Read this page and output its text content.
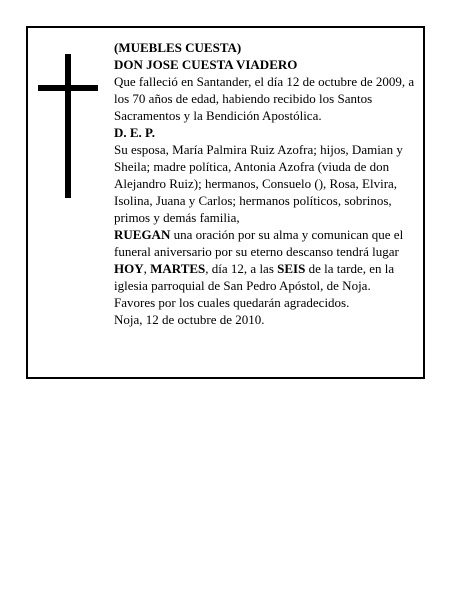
(MUEBLES CUESTA)

DON JOSE CUESTA VIADERO

Que falleció en Santander, el día 12 de octubre de 2009, a los 70 años de edad, habiendo recibido los Santos Sacramentos y la Bendición Apostólica.

D. E. P.

Su esposa, María Palmira Ruiz Azofra; hijos, Damian y Sheila; madre política, Antonia Azofra (viuda de don Alejandro Ruiz); hermanos, Consuelo (), Rosa, Elvira, Isolina, Juana y Carlos; hermanos políticos, sobrinos, primos y demás familia,

RUEGAN una oración por su alma y comunican que el funeral aniversario por su eterno descanso tendrá lugar HOY, MARTES, día 12, a las SEIS de la tarde, en la iglesia parroquial de San Pedro Apóstol, de Noja.

Favores por los cuales quedarán agradecidos.

Noja, 12 de octubre de 2010.
